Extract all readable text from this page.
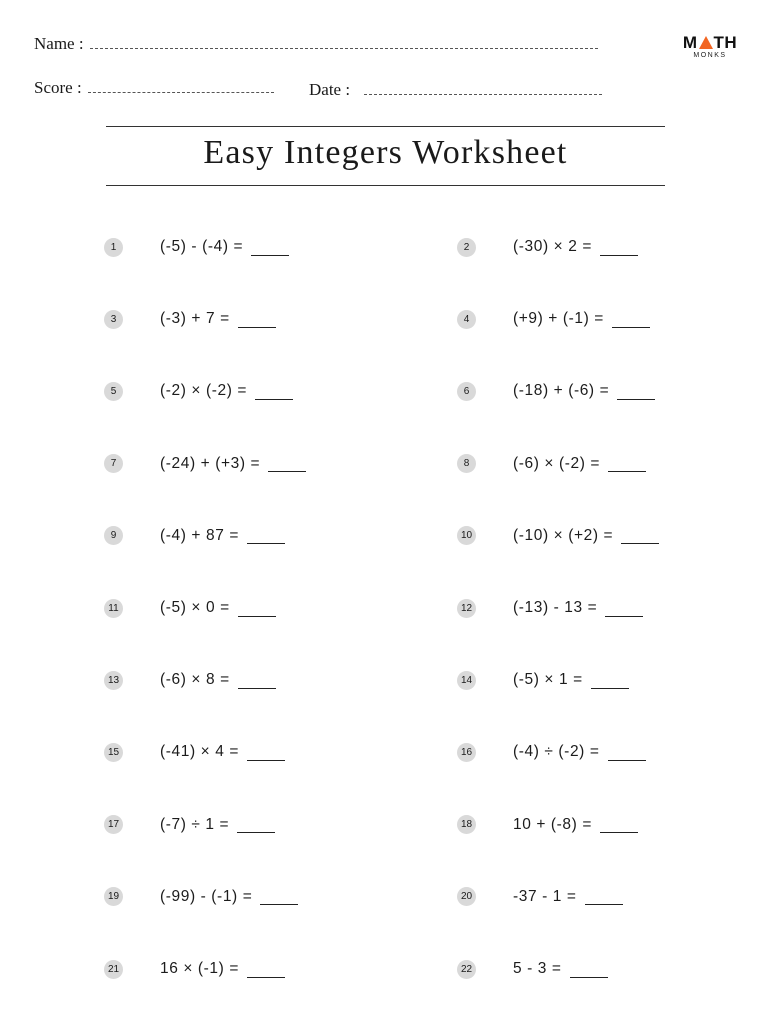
Name :
Score :	Date :
M TH
MONKS
Easy Integers Worksheet
1	(-5) - (-4) =	2	(-30) × 2 =
3	(-3) + 7 =	4	(+9) + (-1) =
5	(-2) × (-2) =	6	(-18) + (-6) =
7	(-24) + (+3) =	8	(-6) × (-2) =
9	(-4) + 87 =	10	(-10) × (+2) =
11	(-5) × 0 =	12	(-13) - 13 =
13	(-6) × 8 =	14	(-5) × 1 =
15	(-41) × 4 =	16	(-4) ÷ (-2) =
17	(-7) ÷ 1 =	18	10 + (-8) =
19	(-99) - (-1) =	20	-37 - 1 =
21	16 × (-1) =	22	5 - 3 =
